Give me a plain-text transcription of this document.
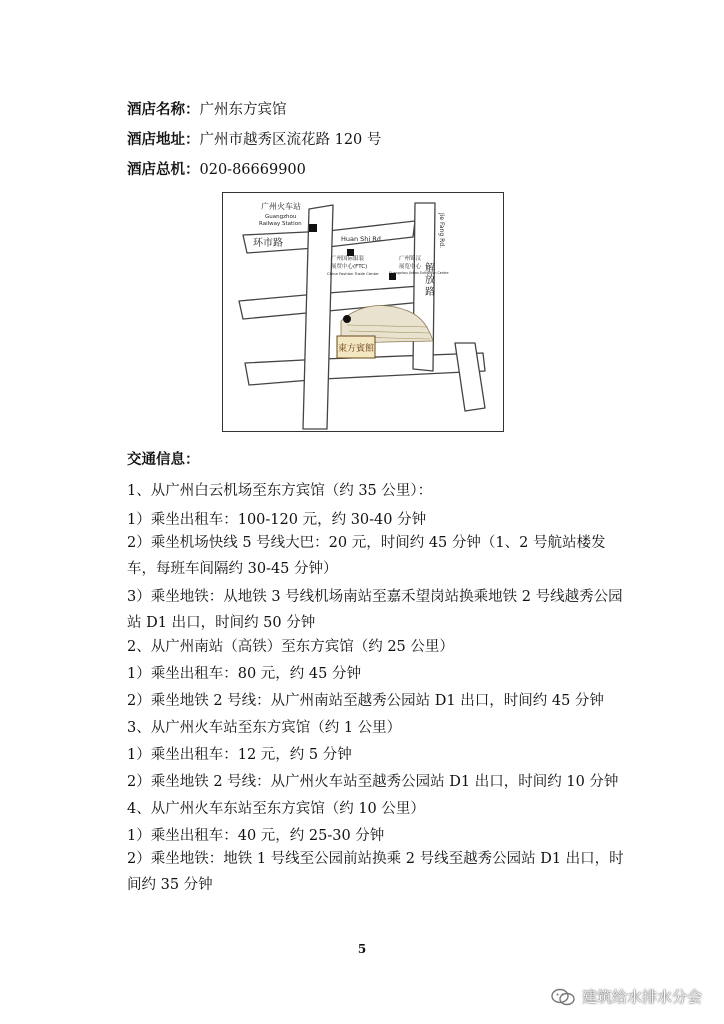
酒店名称：广州东方宾馆
酒店地址：广州市越秀区流花路 120 号
酒店总机：020-86669900
東方賓館
广州火车站
Guangzhou
Railway Station
环市路	Huan Shi Rd.
广州国际服装
展贸中心(FTC)
China Fashion Trade Center
广州锦汉
展览中心
Guangzhou Jinhan Exhibition Centre
Jie Fang Rd.
解
放
路
交通信息：
1、从广州白云机场至东方宾馆（约 35 公里）：
1）乘坐出租车：100-120 元，约 30-40 分钟
2）乘坐机场快线 5 号线大巴：20 元，时间约 45 分钟（1、2 号航站楼发车，每班车间隔约 30-45 分钟）
3）乘坐地铁：从地铁 3 号线机场南站至嘉禾望岗站换乘地铁 2 号线越秀公园站 D1 出口，时间约 50 分钟
2、从广州南站（高铁）至东方宾馆（约 25 公里）
1）乘坐出租车：80 元，约 45 分钟
2）乘坐地铁 2 号线：从广州南站至越秀公园站 D1 出口，时间约 45 分钟
3、从广州火车站至东方宾馆（约 1 公里）
1）乘坐出租车：12 元，约 5 分钟
2）乘坐地铁 2 号线：从广州火车站至越秀公园站 D1 出口，时间约 10 分钟
4、从广州火车东站至东方宾馆（约 10 公里）
1）乘坐出租车：40 元，约 25-30 分钟
2）乘坐地铁：地铁 1 号线至公园前站换乘 2 号线至越秀公园站 D1 出口，时间约 35 分钟
5
建筑给水排水分会
